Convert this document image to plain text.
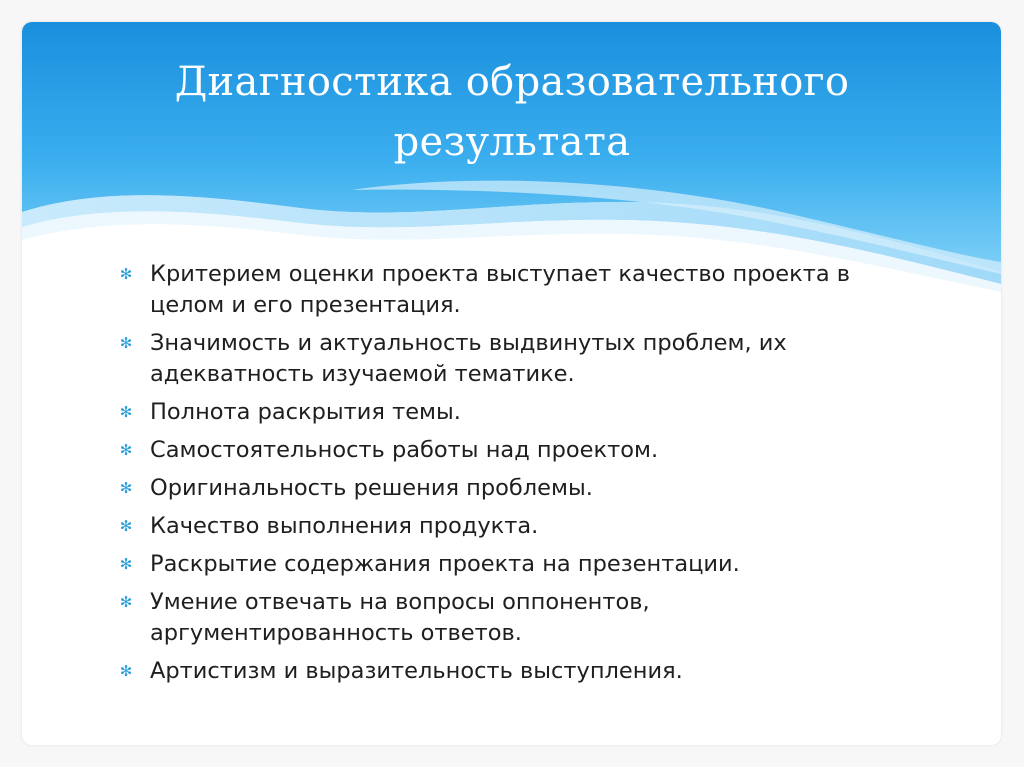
Диагностика образовательного
результата
✻ Критерием оценки проекта выступает качество проекта в
целом и его презентация.
✻ Значимость и актуальность выдвинутых проблем, их
адекватность изучаемой тематике.
✻ Полнота раскрытия темы.
✻ Самостоятельность работы над проектом.
✻ Оригинальность решения проблемы.
✻ Качество выполнения продукта.
✻ Раскрытие содержания проекта на презентации.
✻ Умение отвечать на вопросы оппонентов,
аргументированность ответов.
✻ Артистизм и выразительность выступления.
